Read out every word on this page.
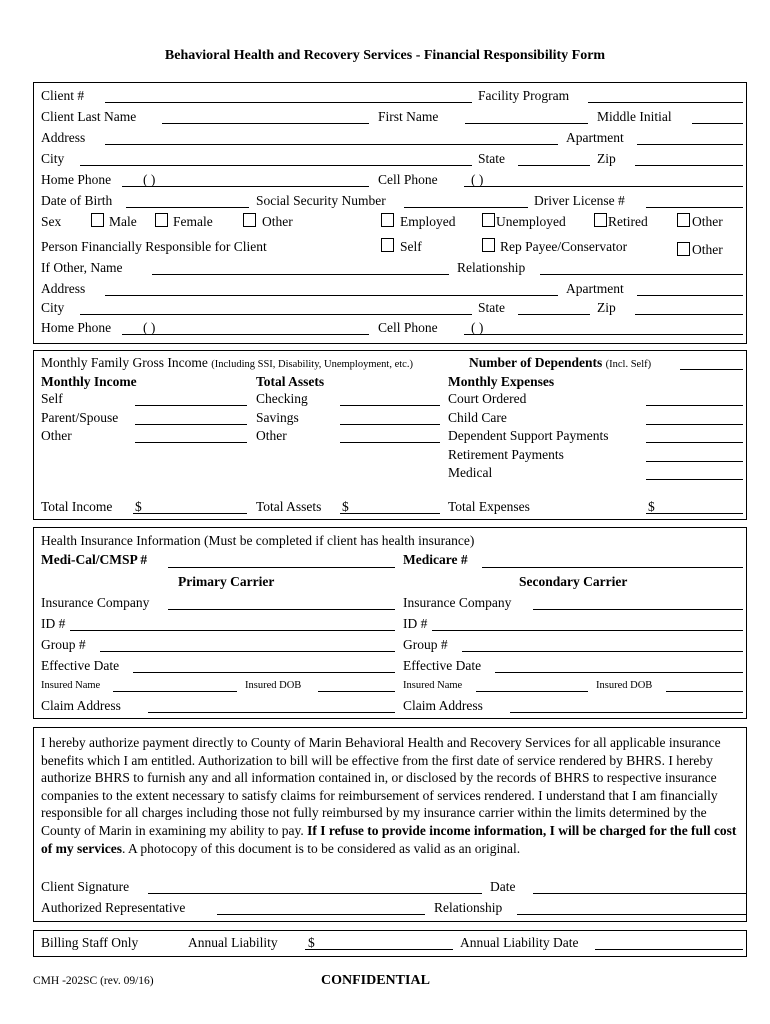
Behavioral Health and Recovery Services - Financial Responsibility Form
Client #	Facility Program
Client Last Name	First Name	Middle Initial
Address	Apartment
City	State	Zip
Home Phone ( )	Cell Phone ( )
Date of Birth	Social Security Number	Driver License #
Sex	Male	Female	Other	Employed	Unemployed	Retired	Other
Person Financially Responsible for Client	Self	Rep Payee/Conservator	Other
If Other, Name	Relationship
Address	Apartment
City	State	Zip
Home Phone ( )	Cell Phone ( )
Monthly Family Gross Income (Including SSI, Disability, Unemployment, etc.)	Number of Dependents (Incl. Self)
Monthly Income	Total Assets	Monthly Expenses
Self	Checking	Court Ordered
Parent/Spouse	Savings	Child Care
Other	Other	Dependent Support Payments
Retirement Payments
Medical
Total Income $	Total Assets $	Total Expenses	$
Health Insurance Information (Must be completed if client has health insurance)
Medi-Cal/CMSP #	Medicare #
Primary Carrier	Secondary Carrier
Insurance Company	Insurance Company
ID #	ID #
Group #	Group #
Effective Date	Effective Date
Insured Name	Insured DOB	Insured Name	Insured DOB
Claim Address	Claim Address
I hereby authorize payment directly to County of Marin Behavioral Health and Recovery Services for all applicable insurance benefits which I am entitled. Authorization to bill will be effective from the first date of service rendered by BHRS. I hereby authorize BHRS to furnish any and all information contained in, or disclosed by the records of BHRS to respective insurance companies to the extent necessary to satisfy claims for reimbursement of services rendered. I understand that I am financially responsible for all charges including those not fully reimbursed by my insurance carrier within the limits determined by the County of Marin in examining my ability to pay. If I refuse to provide income information, I will be charged for the full cost of my services. A photocopy of this document is to be considered as valid as an original.
Client Signature	Date
Authorized Representative	Relationship
Billing Staff Only	Annual Liability $	Annual Liability Date
CMH -202SC (rev. 09/16)	CONFIDENTIAL
